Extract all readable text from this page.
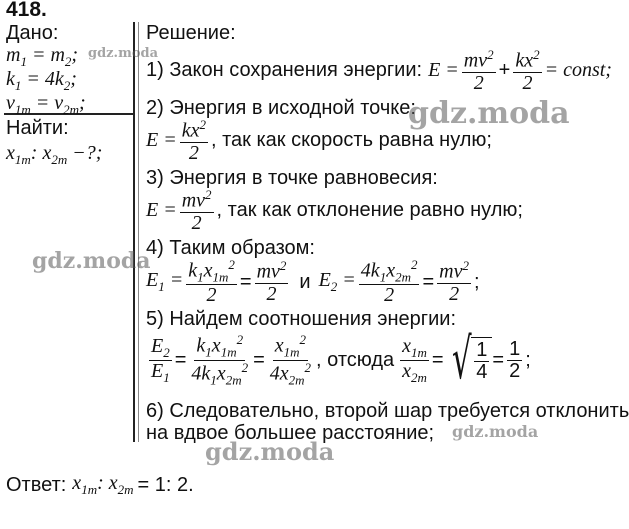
418.
Дано:
$m_1 = m_2$;
$k_1 = 4k_2$;
$v_{1m} = v_{2m}$;
Найти:
$x_{1m}$: $x_{2m}$ −?;
Решение:
1) Закон сохранения энергии: $E = \frac{mv^2}{2} + \frac{kx^2}{2}$ = const;
2) Энергия в исходной точке:
$E = \frac{kx^2}{2}$ , так как скорость равна нулю;
3) Энергия в точке равновесия:
$E = \frac{mv^2}{2}$ , так как отклонение равно нулю;
4) Таким образом:
$E_1 = \frac{k_1x_{1m}^2}{2} = \frac{mv^2}{2}$ и $E_2 = \frac{4k_1x_{2m}^2}{2} = \frac{mv^2}{2}$ ;
5) Найдем соотношения энергии:
$\frac{E_2}{E_1} = \frac{k_1x_{1m}^2}{4k_1x_{2m}^2} = \frac{x_{1m}^2}{4x_{2m}^2}$ , отсюда $\frac{x_{1m}}{x_{2m}}$ = √ $\frac{1}{4} = \frac{1}{2}$ ;
6) Следовательно, второй шар требуется отклонить
на вдвое большее расстояние;
Ответ: $x_{1m}$: $x_{2m} = 1$: 2.
gdz.moda
gdz.moda
gdz.moda
gdz.moda
gdz.moda
